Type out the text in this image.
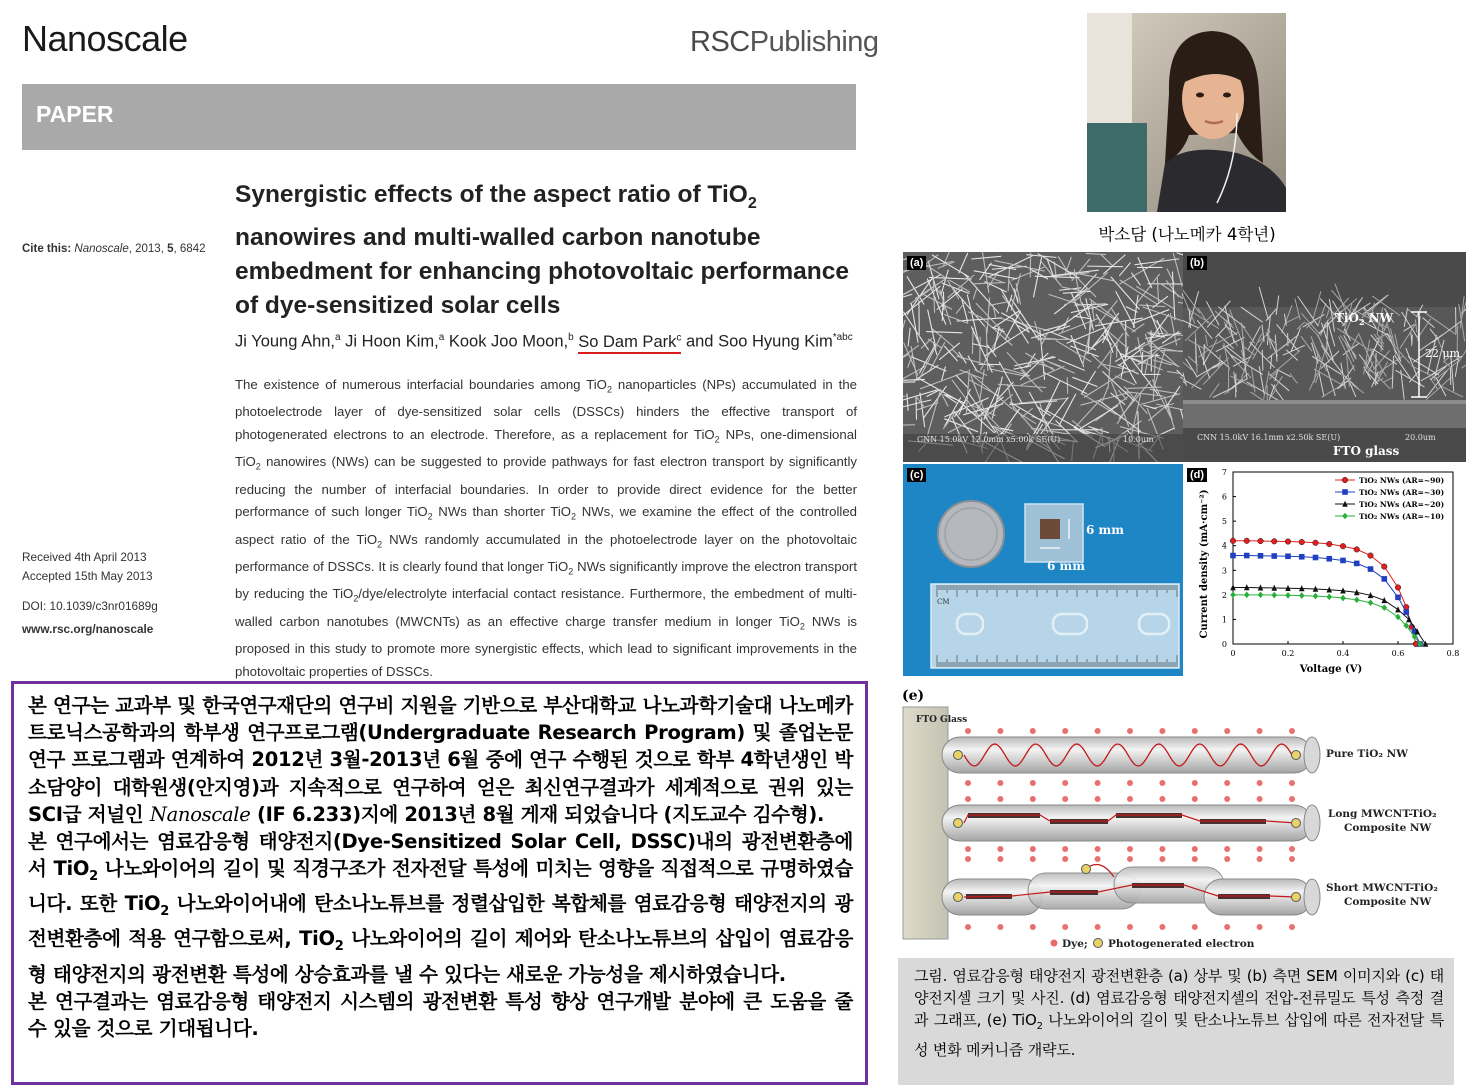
Nanoscale	RSCPublishing
PAPER
Synergistic effects of the aspect ratio of TiO$_2$ nanowires and multi-walled carbon nanotube embedment for enhancing photovoltaic performance of dye-sensitized solar cells
Cite this: Nanoscale, 2013, 5, 6842
Ji Young Ahn,$^a$ Ji Hoon Kim,$^a$ Kook Joo Moon,$^b$ So Dam Park$^c$ and Soo Hyung Kim$^{*abc}$
The existence of numerous interfacial boundaries among TiO$_2$ nanoparticles (NPs) accumulated in the photoelectrode layer of dye-sensitized solar cells (DSSCs) hinders the effective transport of photogenerated electrons to an electrode. Therefore, as a replacement for TiO$_2$ NPs, one-dimensional TiO$_2$ nanowires (NWs) can be suggested to provide pathways for fast electron transport by significantly reducing the number of interfacial boundaries. In order to provide direct evidence for the better performance of such longer TiO$_2$ NWs than shorter TiO$_2$ NWs, we examine the effect of the controlled aspect ratio of the TiO$_2$ NWs randomly accumulated in the photoelectrode layer on the photovoltaic performance of DSSCs. It is clearly found that longer TiO$_2$ NWs significantly improve the electron transport by reducing the TiO$_2$/dye/electrolyte interfacial contact resistance. Furthermore, the embedment of multi-walled carbon nanotubes (MWCNTs) as an effective charge transfer medium in longer TiO$_2$ NWs is proposed in this study to promote more synergistic effects, which lead to significant improvements in the photovoltaic properties of DSSCs.
Received 4th April 2013
Accepted 15th May 2013
DOI: 10.1039/c3nr01689g
www.rsc.org/nanoscale

본 연구는 교과부 및 한국연구재단의 연구비 지원을 기반으로 부산대학교 나노과학기술대 나노메카트로닉스공학과의 학부생 연구프로그램(Undergraduate Research Program) 및 졸업논문 연구 프로그램과 연계하여 2012년 3월-2013년 6월 중에 연구 수행된 것으로 학부 4학년생인 박소담양이 대학원생(안지영)과 지속적으로 연구하여 얻은 최신연구결과가 세계적으로 권위 있는 SCI급 저널인 Nanoscale (IF 6.233)지에 2013년 8월 게재 되었습니다 (지도교수 김수형).

본 연구에서는 염료감응형 태양전지(Dye-Sensitized Solar Cell, DSSC)내의 광전변환층에서 TiO$_2$ 나노와이어의 길이 및 직경구조가 전자전달 특성에 미치는 영향을 직접적으로 규명하였습니다. 또한 TiO$_2$ 나노와이어내에 탄소나노튜브를 정렬삽입한 복합체를 염료감응형 태양전지의 광전변환층에 적용 연구함으로써, TiO$_2$ 나노와이어의 길이 제어와 탄소나노튜브의 삽입이 염료감응형 태양전지의 광전변환 특성에 상승효과를 낼 수 있다는 새로운 가능성을 제시하였습니다.

본 연구결과는 염료감응형 태양전지 시스템의 광전변환 특성 향상 연구개발 분야에 큰 도움을 줄 수 있을 것으로 기대됩니다.

박소담 (나노메카 4학년)
CNN 15.0kV 12.0mm x5.00k SE(U)	10.0um
(a)
TiO$_2$ NW
22 μm
CNN 15.0kV 16.1mm x2.50k SE(U)	20.0um
FTO glass
(b)
6 mm
6 mm
CM
(c)
0	0.2	0.4	0.6	0.8
0
1
2
3
4
5
6
7
TiO₂ NWs (AR=~90)
TiO₂ NWs (AR=~30)
TiO₂ NWs (AR=~20)
TiO₂ NWs (AR=~10)
Voltage (V)
Current density (mA·cm⁻²)
(d)
(e)
FTO Glass
Pure TiO₂ NW
Long MWCNT-TiO₂
Composite NW
Short MWCNT-TiO₂
Composite NW
Dye; Photogenerated electron
그림. 염료감응형 태양전지 광전변환층 (a) 상부 및 (b) 측면 SEM 이미지와 (c) 태양전지셀 크기 및 사진. (d) 염료감응형 태양전지셀의 전압-전류밀도 특성 측정 결과 그래프, (e) TiO$_2$ 나노와이어의 길이 및 탄소나노튜브 삽입에 따른 전자전달 특성 변화 메커니즘 개략도.
